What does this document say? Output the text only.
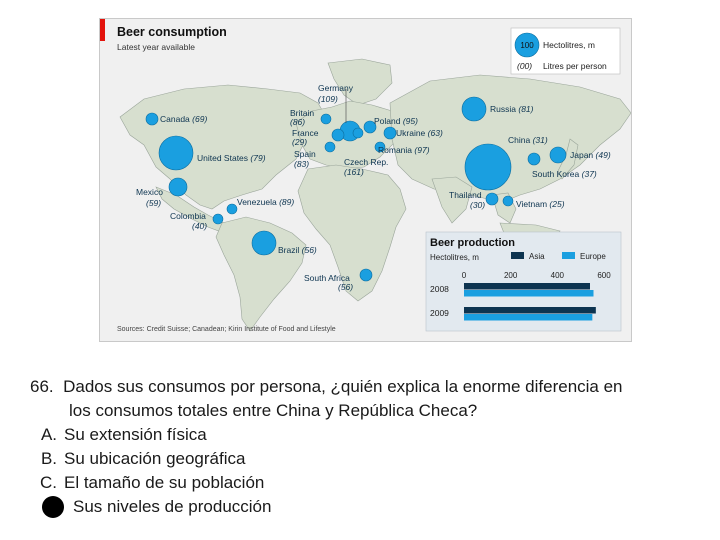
Beer consumption
Latest year available	100 Hectolitres, m
(00) Litres per person
Canada (69)
United States (79)
Mexico
(59)
Colombia
(40)
Venezuela (89)
Brazil (56)
Germany
(109)
Britain
(86)
France
(29)
Spain
(83)	Czech Rep.
(161)
Poland (95)
Ukraine (63)
Romania (97)
Russia (81)
China (31)
Japan (49)
South Korea (37)
Thailand
(30)	Vietnam (25)
South Africa
(56)
Beer production
Hectolitres, m	Asia	Europe
0	200	400	600
2008
2009
Sources: Credit Suisse; Canadean; Kirin Institute of Food and Lifestyle
66. Dados sus consumos por persona, ¿quién explica la enorme diferencia en
los consumos totales entre China y República Checa?
A. Su extensión física
B. Su ubicación geográfica
C. El tamaño de su población
Sus niveles de producción
